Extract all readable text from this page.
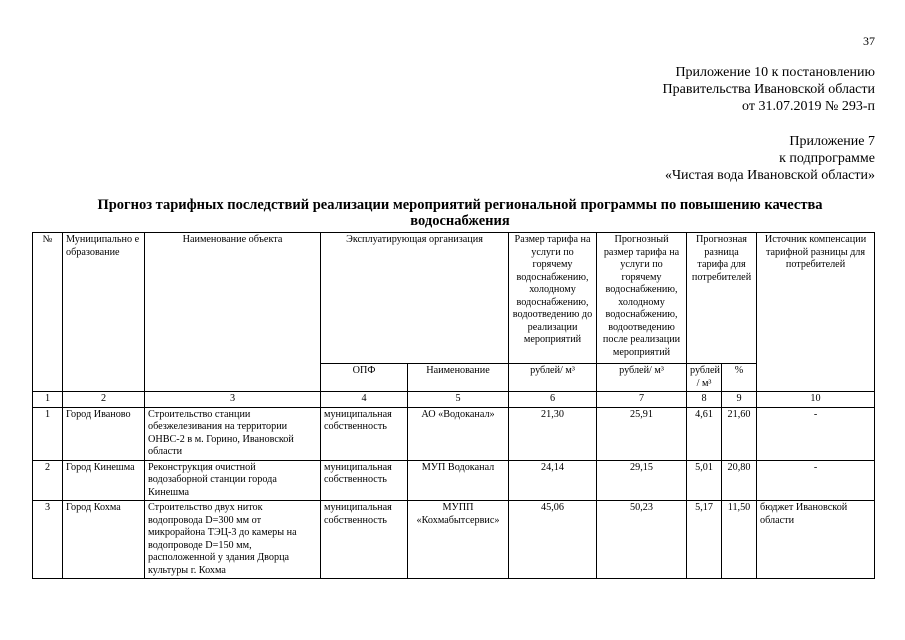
37
Приложение 10 к постановлению
Правительства Ивановской области
от 31.07.2019 № 293-п
Приложение 7
к подпрограмме
«Чистая вода Ивановской области»
Прогноз тарифных последствий реализации мероприятий региональной программы по повышению качества водоснабжения
№	Муниципально е образование	Наименование объекта	Эксплуатирующая организация		Размер тарифа на услуги по горячему водоснабжению, холодному водоснабжению, водоотведению до реализации мероприятий	Прогнозный размер тарифа на услуги по горячему водоснабжению, холодному водоснабжению, водоотведению после реализации мероприятий	Прогнозная разница тарифа для потребителей		Источник компенсации тарифной разницы для потребителей
			ОПФ	Наименование	рублей/ м³	рублей/ м³	рублей / м³	%	
1	2	3	4	5	6	7	8	9	10
1	Город Иваново	Строительство станции обезжелезивания на территории ОНВС-2 в м. Горино, Ивановской области	муниципальная собственность	АО «Водоканал»	21,30	25,91	4,61	21,60	-
2	Город Кинешма	Реконструкция очистной водозаборной станции города Кинешма	муниципальная собственность	МУП Водоканал	24,14	29,15	5,01	20,80	-
3	Город Кохма	Строительство двух ниток водопровода D=300 мм от микрорайона ТЭЦ-3 до камеры на водопроводе D=150 мм, расположенной у здания Дворца культуры г. Кохма	муниципальная собственность	МУПП «Кохмабытсервис»	45,06	50,23	5,17	11,50	бюджет Ивановской области
